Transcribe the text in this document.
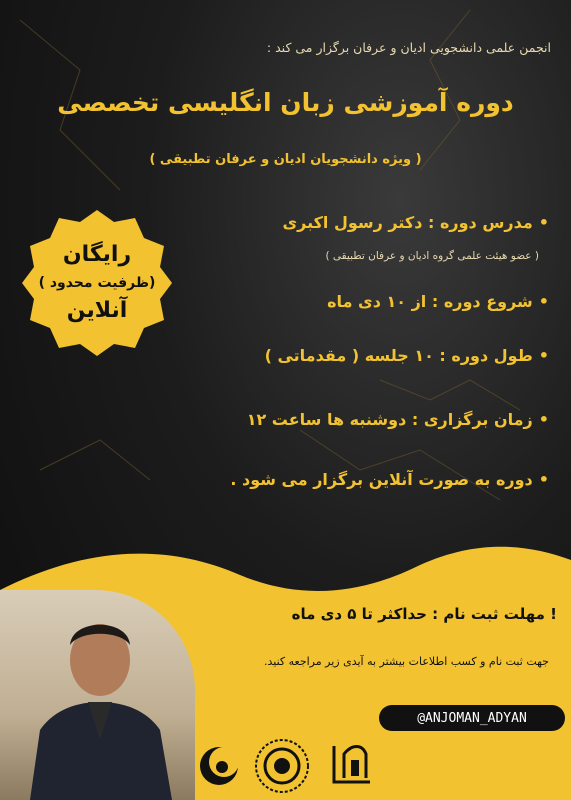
انجمن علمی دانشجویی ادیان و عرفان برگزار می کند :
دوره آموزشی زبان انگلیسی تخصصی
( ویژه دانشجویان ادیان و عرفان تطبیقی )
•مدرس دوره : دکتر رسول اکبری
( عضو هیئت علمی گروه ادیان و عرفان تطبیقی )
•شروع دوره : از ۱۰ دی ماه
•طول دوره : ۱۰ جلسه ( مقدماتی )
•زمان برگزاری : دوشنبه ها ساعت ۱۲
•دوره به صورت آنلاین برگزار می شود .
رایگان
(ظرفیت محدود )
آنلاین
! مهلت ثبت نام : حداکثر تا ۵ دی ماه
جهت ثبت نام و کسب اطلاعات بیشتر به آیدی زیر مراجعه کنید.
@ANJOMAN_ADYAN
